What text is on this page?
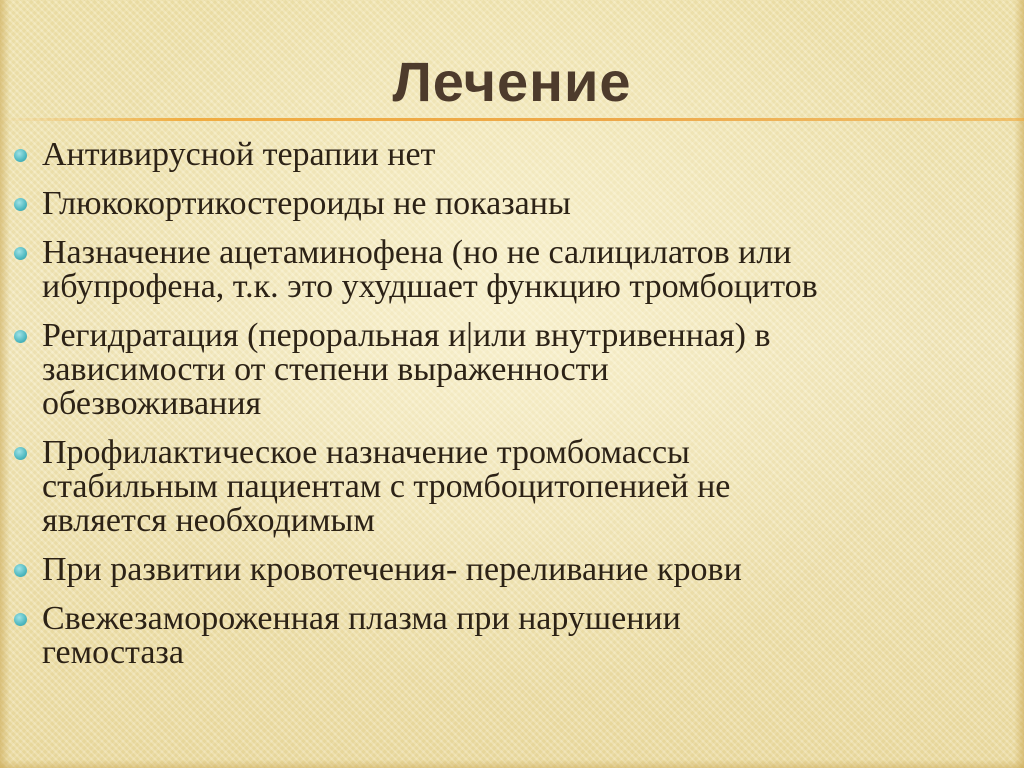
Лечение
Антивирусной терапии нет
Глюкокортикостероиды не показаны
Назначение ацетаминофена (но не салицилатов или
ибупрофена, т.к. это ухудшает функцию тромбоцитов
Регидратация (пероральная и|или внутривенная) в
зависимости от степени выраженности
обезвоживания
Профилактическое назначение тромбомассы
стабильным пациентам с тромбоцитопенией не
является необходимым
При развитии кровотечения- переливание крови
Свежезамороженная плазма при нарушении
гемостаза
